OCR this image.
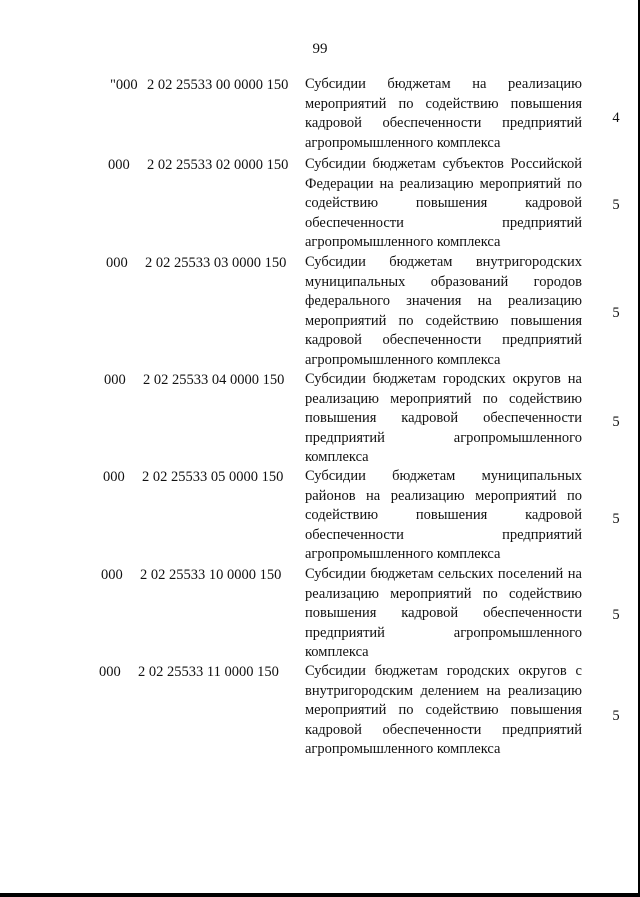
99
"000 2 02 25533 00 0000 150 Субсидии бюджетам на реализацию мероприятий по содействию повышения кадровой обеспеченности предприятий агропромышленного комплекса
4
000 2 02 25533 02 0000 150 Субсидии бюджетам субъектов Российской Федерации на реализацию мероприятий по содействию повышения кадровой обеспеченности предприятий агропромышленного комплекса
5
000 2 02 25533 03 0000 150 Субсидии бюджетам внутригородских муниципальных образований городов федерального значения на реализацию мероприятий по содействию повышения кадровой обеспеченности предприятий агропромышленного комплекса
5
000 2 02 25533 04 0000 150 Субсидии бюджетам городских округов на реализацию мероприятий по содействию повышения кадровой обеспеченности предприятий агропромышленного комплекса
5
000 2 02 25533 05 0000 150 Субсидии бюджетам муниципальных районов на реализацию мероприятий по содействию повышения кадровой обеспеченности предприятий агропромышленного комплекса
5
000 2 02 25533 10 0000 150 Субсидии бюджетам сельских поселений на реализацию мероприятий по содействию повышения кадровой обеспеченности предприятий агропромышленного комплекса
5
000 2 02 25533 11 0000 150 Субсидии бюджетам городских округов с внутригородским делением на реализацию мероприятий по содействию повышения кадровой обеспеченности предприятий агропромышленного комплекса
5
